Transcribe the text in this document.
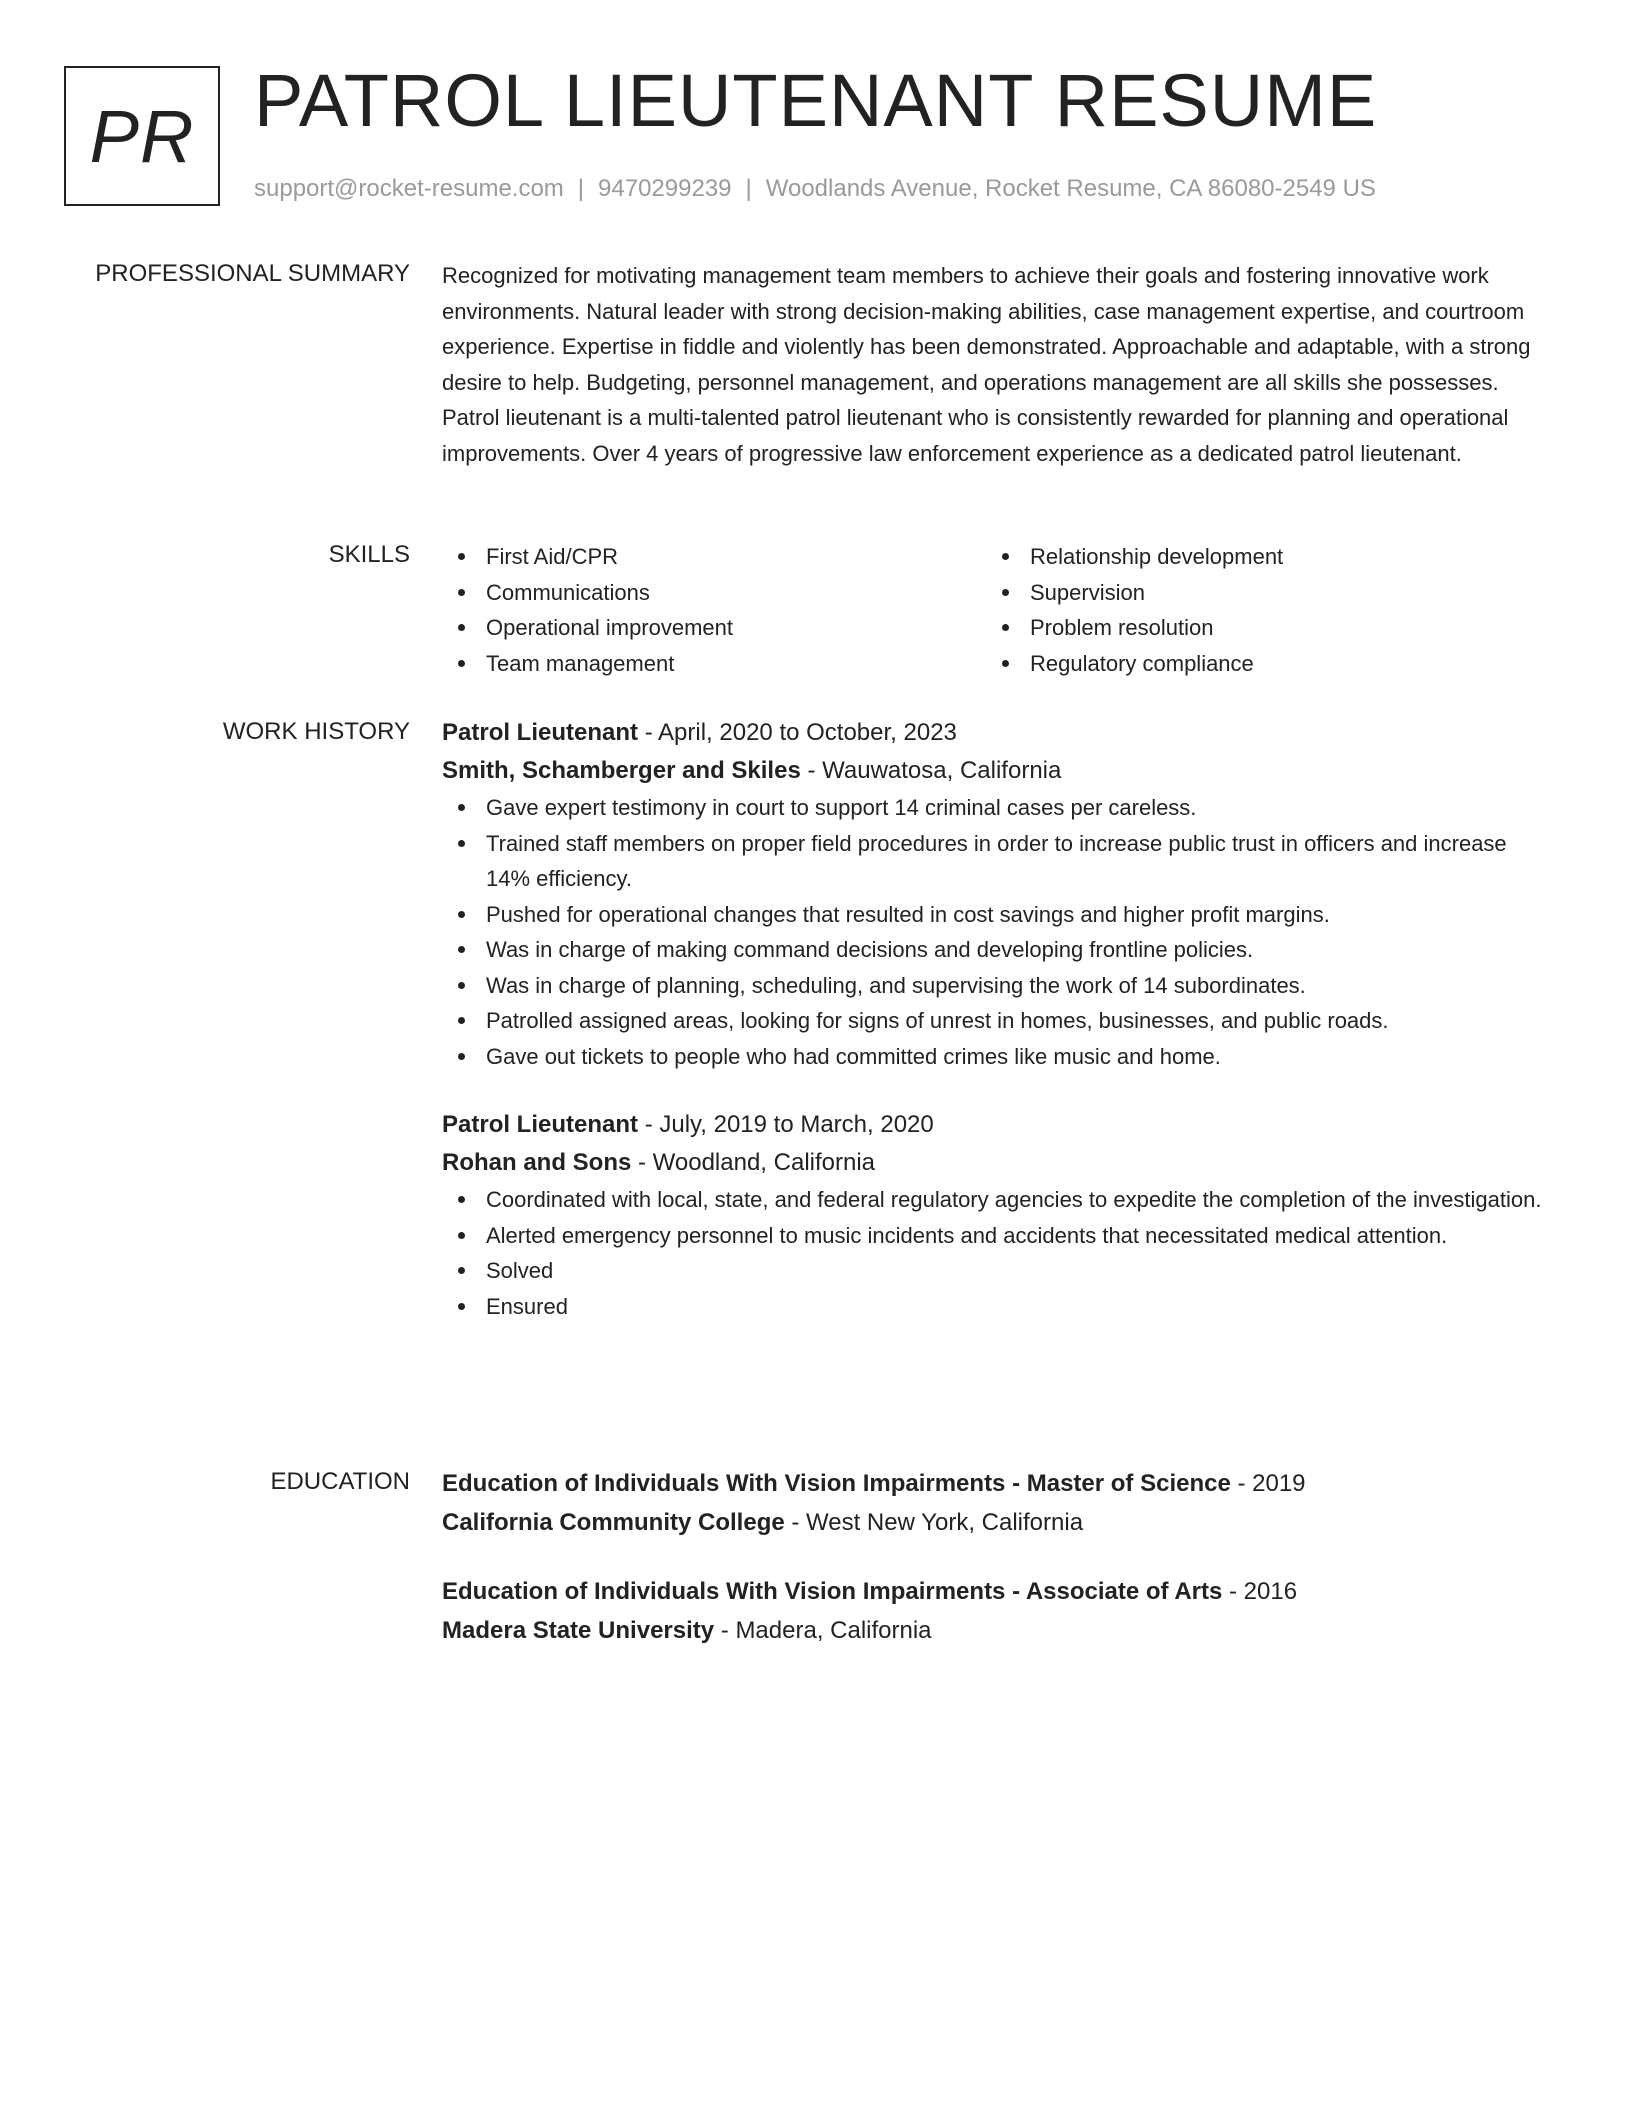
PR PATROL LIEUTENANT RESUME
support@rocket-resume.com | 9470299239 | Woodlands Avenue, Rocket Resume, CA 86080-2549 US
PROFESSIONAL SUMMARY Recognized for motivating management team members to achieve their goals and fostering innovative work environments. Natural leader with strong decision-making abilities, case management expertise, and courtroom experience. Expertise in fiddle and violently has been demonstrated. Approachable and adaptable, with a strong desire to help. Budgeting, personnel management, and operations management are all skills she possesses. Patrol lieutenant is a multi-talented patrol lieutenant who is consistently rewarded for planning and operational improvements. Over 4 years of progressive law enforcement experience as a dedicated patrol lieutenant.

SKILLS	First Aid/CPR
Communications
Operational improvement
Team management
Relationship development
Supervision
Problem resolution
Regulatory compliance
WORK HISTORY Patrol Lieutenant - April, 2020 to October, 2023
Smith, Schamberger and Skiles - Wauwatosa, California
Gave expert testimony in court to support 14 criminal cases per careless.
Trained staff members on proper field procedures in order to increase public trust in officers and increase 14% efficiency.
Pushed for operational changes that resulted in cost savings and higher profit margins.
Was in charge of making command decisions and developing frontline policies.
Was in charge of planning, scheduling, and supervising the work of 14 subordinates.
Patrolled assigned areas, looking for signs of unrest in homes, businesses, and public roads.
Gave out tickets to people who had committed crimes like music and home.
Patrol Lieutenant - July, 2019 to March, 2020
Rohan and Sons - Woodland, California
Coordinated with local, state, and federal regulatory agencies to expedite the completion of the investigation.
Alerted emergency personnel to music incidents and accidents that necessitated medical attention.
Solved
Ensured
EDUCATION Education of Individuals With Vision Impairments - Master of Science - 2019
California Community College - West New York, California
Education of Individuals With Vision Impairments - Associate of Arts - 2016
Madera State University - Madera, California
